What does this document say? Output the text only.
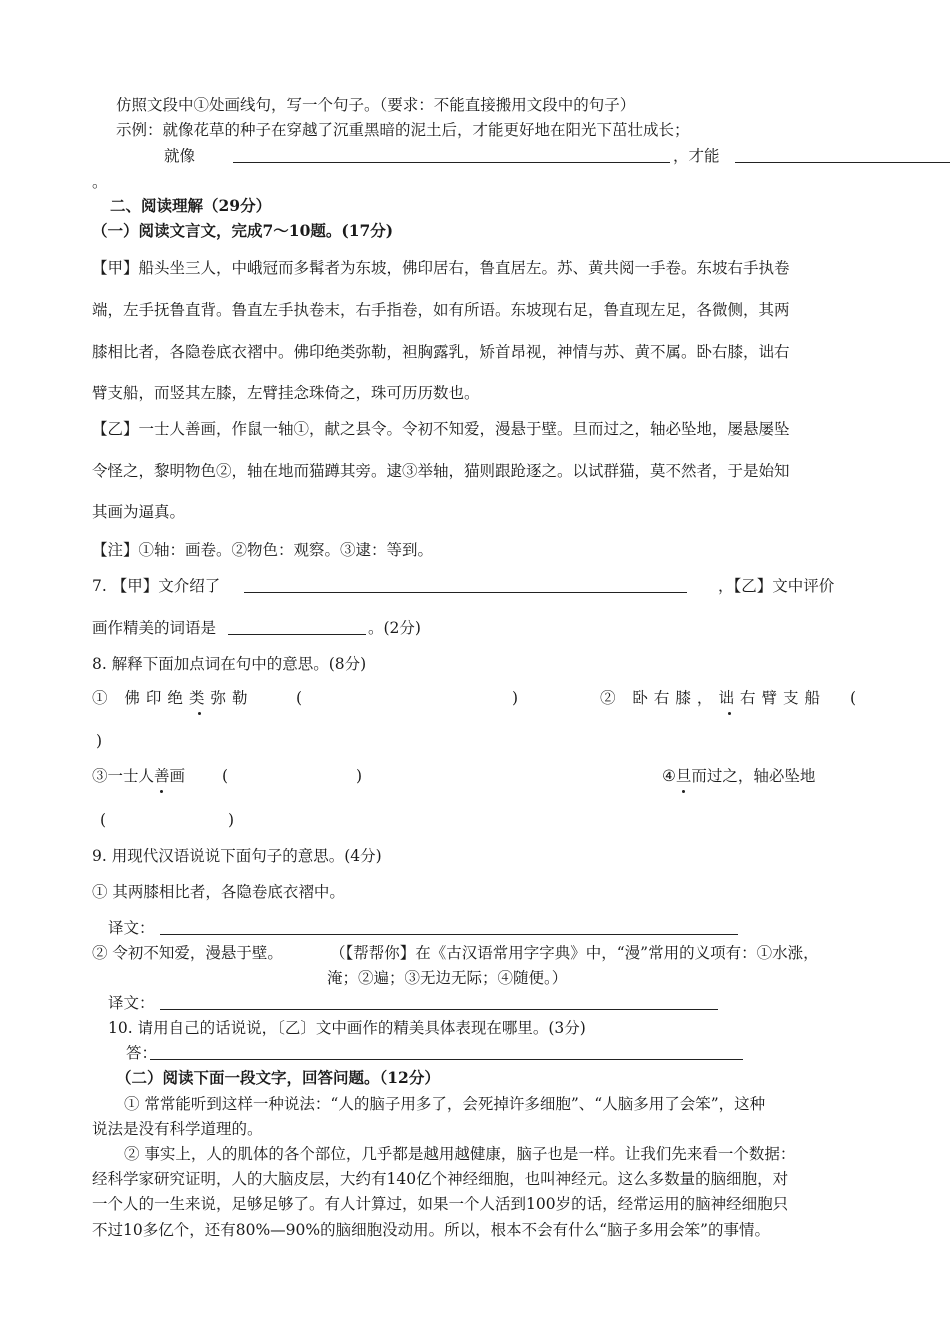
仿照文段中①处画线句，写一个句子。（要求：不能直接搬用文段中的句子）
示例：就像花草的种子在穿越了沉重黑暗的泥土后，才能更好地在阳光下茁壮成长；
就像	，才能
。
二、阅读理解（29分）
（一）阅读文言文，完成7～10题。(17分)
【甲】船头坐三人，中峨冠而多髯者为东坡，佛印居右，鲁直居左。苏、黄共阅一手卷。东坡右手执卷
端，左手抚鲁直背。鲁直左手执卷末，右手指卷，如有所语。东坡现右足，鲁直现左足，各微侧，其两
膝相比者，各隐卷底衣褶中。佛印绝类弥勒，袒胸露乳，矫首昂视，神情与苏、黄不属。卧右膝，诎右
臂支船，而竖其左膝，左臂挂念珠倚之，珠可历历数也。
【乙】一士人善画，作鼠一轴①，献之县令。令初不知爱，漫悬于壁。旦而过之，轴必坠地，屡悬屡坠
令怪之，黎明物色②，轴在地而猫蹲其旁。逮③举轴，猫则跟跄逐之。以试群猫，莫不然者，于是始知
其画为逼真。
【注】①轴：画卷。②物色：观察。③逮：等到。
7. 【甲】文介绍了	，【乙】文中评价
画作精美的词语是	。(2分)
8. 解释下面加点词在句中的意思。(8分)
① 佛印绝类弥勒	(	)	② 卧右膝，诎右臂支船 (
)
③一士人善画 (	)	④旦而过之，轴必坠地
(	)
9. 用现代汉语说说下面句子的意思。(4分)
① 其两膝相比者，各隐卷底衣褶中。
译文：
② 令初不知爱，漫悬于壁。	（【帮帮你】在《古汉语常用字字典》中，“漫”常用的义项有：①水涨，
淹；②遍；③无边无际；④随便。）
译文：
10. 请用自己的话说说，〔乙〕文中画作的精美具体表现在哪里。(3分)
答：
（二）阅读下面一段文字，回答问题。（12分）
① 常常能听到这样一种说法：“人的脑子用多了，会死掉许多细胞”、“人脑多用了会笨”，这种
说法是没有科学道理的。
② 事实上，人的肌体的各个部位，几乎都是越用越健康，脑子也是一样。让我们先来看一个数据：
经科学家研究证明，人的大脑皮层，大约有140亿个神经细胞，也叫神经元。这么多数量的脑细胞，对
一个人的一生来说，足够足够了。有人计算过，如果一个人活到100岁的话，经常运用的脑神经细胞只
不过10多亿个，还有80%—90%的脑细胞没动用。所以，根本不会有什么“脑子多用会笨”的事情。
